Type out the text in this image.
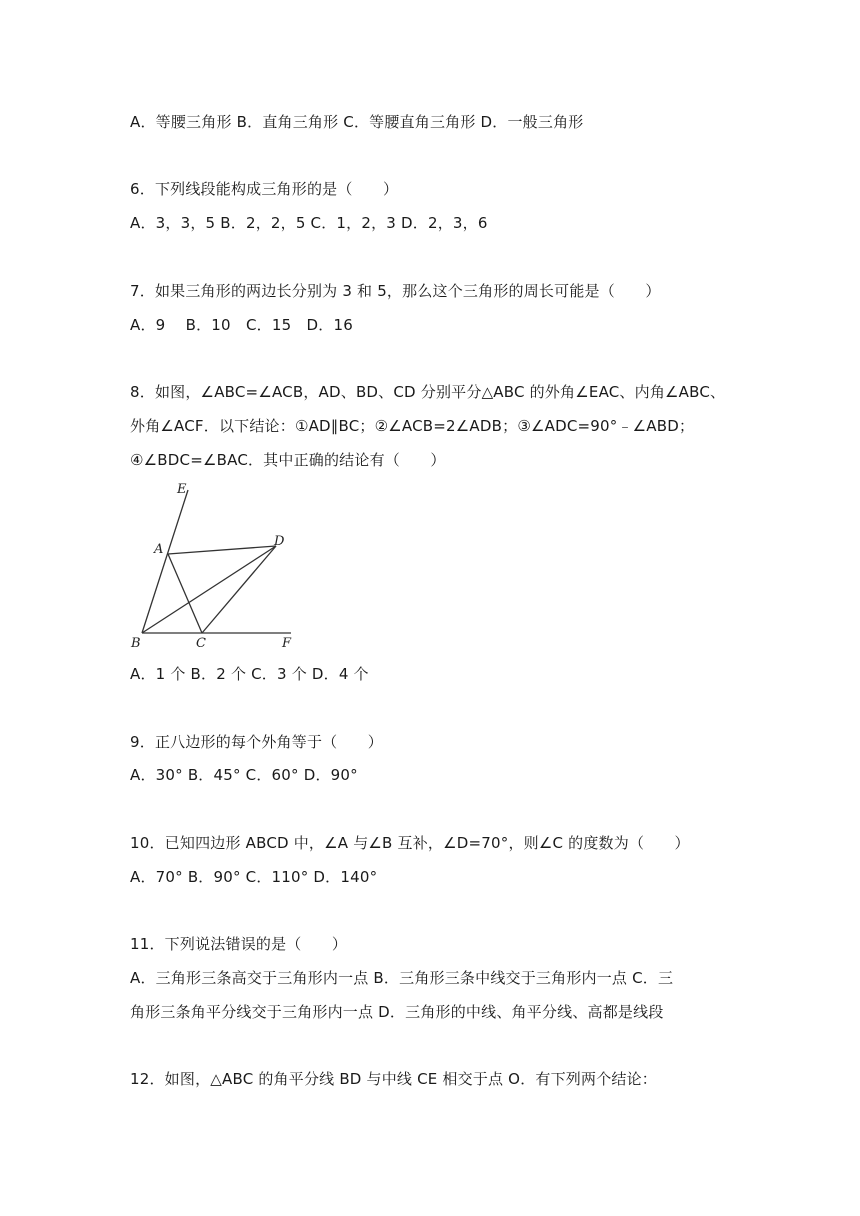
A．等腰三角形 B．直角三角形 C．等腰直角三角形 D．一般三角形
6．下列线段能构成三角形的是（　　）
A．3，3，5 B．2，2，5 C．1，2，3 D．2，3，6
7．如果三角形的两边长分别为 3 和 5，那么这个三角形的周长可能是（　　）
A．9　 B．10　C．15　D．16
8．如图，∠ABC=∠ACB，AD、BD、CD 分别平分△ABC 的外角∠EAC、内角∠ABC、
外角∠ACF．以下结论：①AD∥BC；②∠ACB=2∠ADB；③∠ADC=90°﹣∠ABD；
④∠BDC=∠BAC．其中正确的结论有（　　）
E
A
D
B	C	F
A．1 个 B．2 个 C．3 个 D．4 个
9．正八边形的每个外角等于（　　）
A．30° B．45° C．60° D．90°
10．已知四边形 ABCD 中，∠A 与∠B 互补，∠D=70°，则∠C 的度数为（　　）
A．70° B．90° C．110° D．140°
11．下列说法错误的是（　　）
A．三角形三条高交于三角形内一点 B．三角形三条中线交于三角形内一点 C．三
角形三条角平分线交于三角形内一点 D．三角形的中线、角平分线、高都是线段
12．如图，△ABC 的角平分线 BD 与中线 CE 相交于点 O．有下列两个结论：
